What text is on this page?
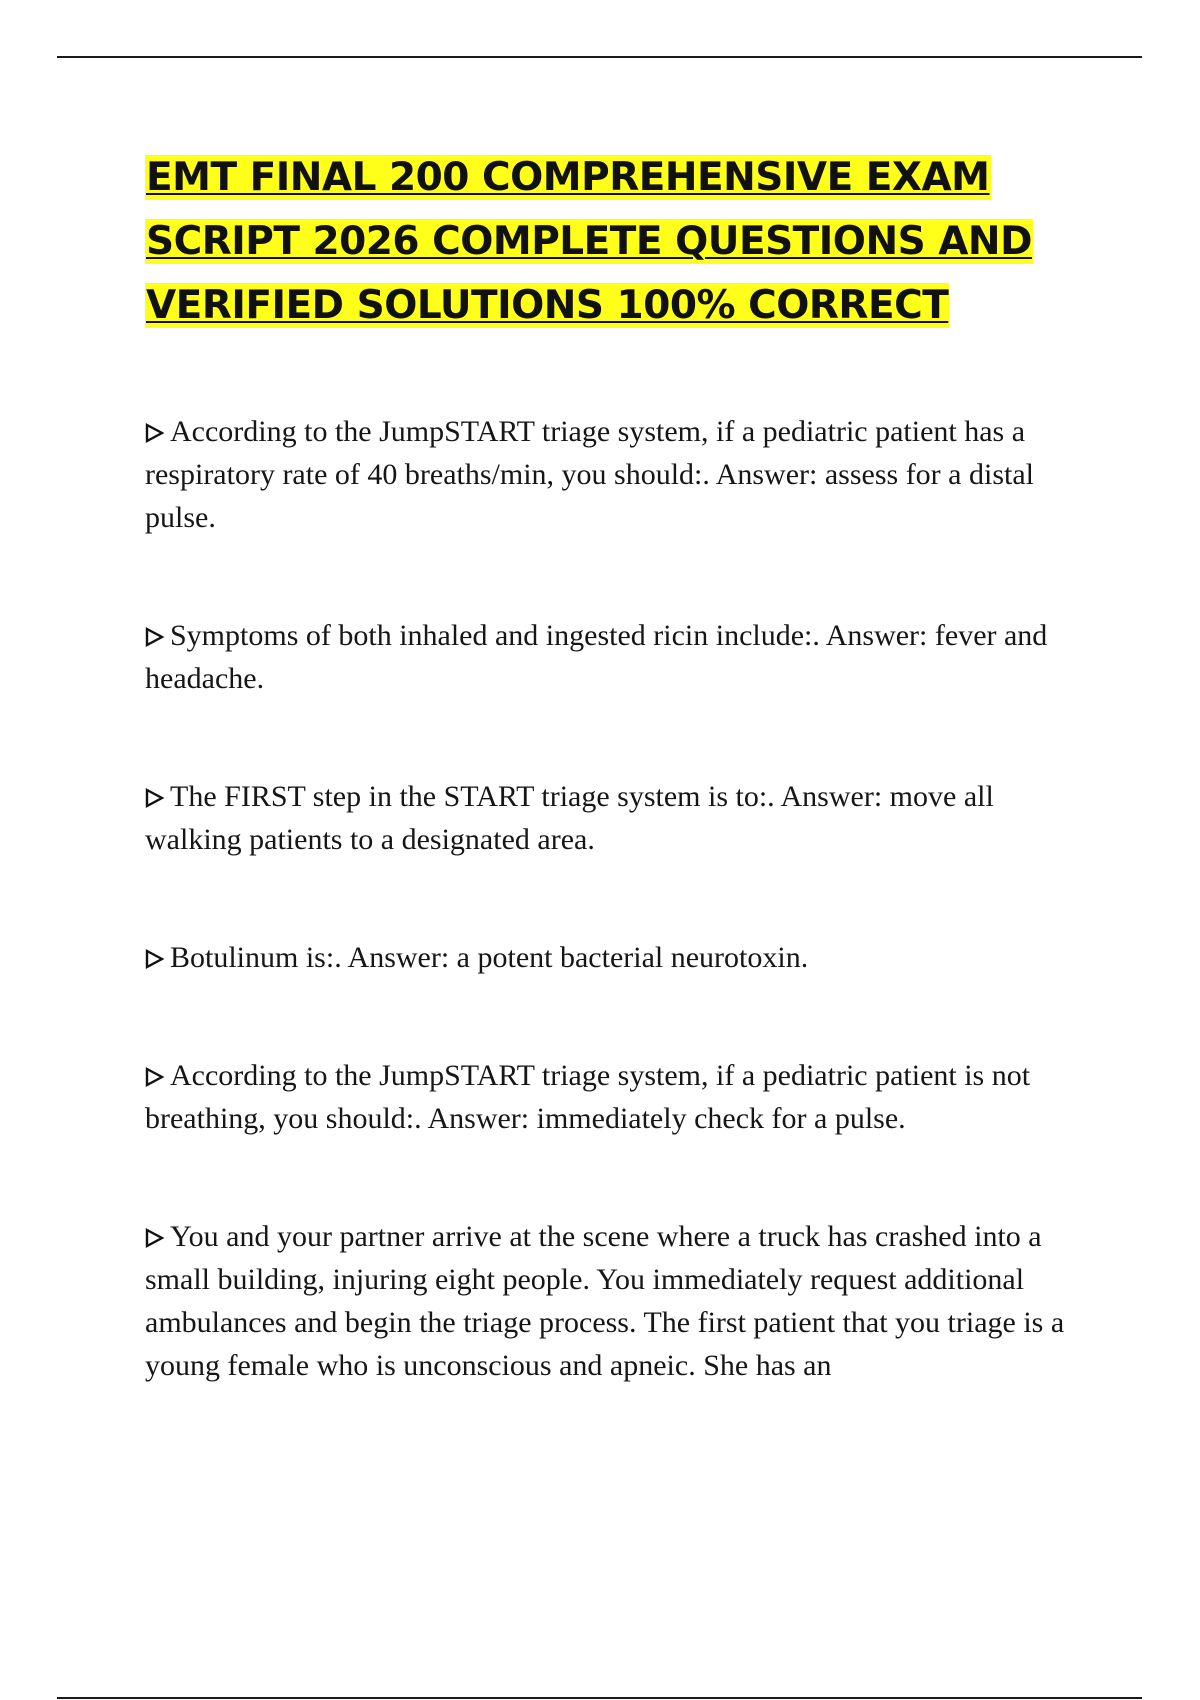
EMT FINAL 200 COMPREHENSIVE EXAM SCRIPT 2026 COMPLETE QUESTIONS AND VERIFIED SOLUTIONS 100% CORRECT
According to the JumpSTART triage system, if a pediatric patient has a respiratory rate of 40 breaths/min, you should:. Answer: assess for a distal pulse.
Symptoms of both inhaled and ingested ricin include:. Answer: fever and headache.
The FIRST step in the START triage system is to:. Answer: move all walking patients to a designated area.
Botulinum is:. Answer: a potent bacterial neurotoxin.
According to the JumpSTART triage system, if a pediatric patient is not breathing, you should:. Answer: immediately check for a pulse.
You and your partner arrive at the scene where a truck has crashed into a small building, injuring eight people. You immediately request additional ambulances and begin the triage process. The first patient that you triage is a young female who is unconscious and apneic. She has an
